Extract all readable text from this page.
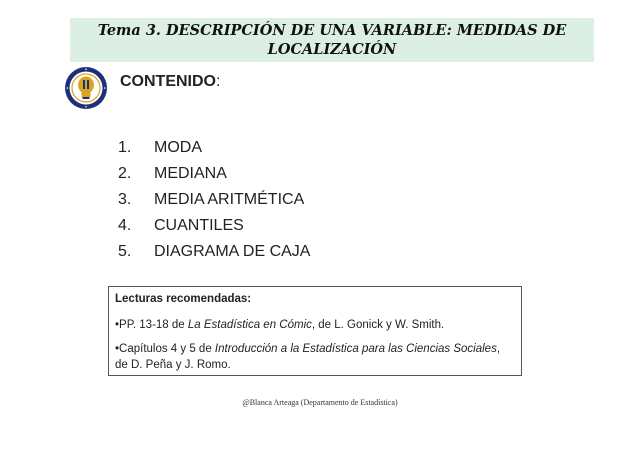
Tema 3. DESCRIPCIÓN DE UNA VARIABLE: MEDIDAS DE
LOCALIZACIÓN
CONTENIDO:
1.	MODA
2.	MEDIANA
3.	MEDIA ARITMÉTICA
4.	CUANTILES
5.	DIAGRAMA DE CAJA
Lecturas recomendadas:
•PP. 13-18 de La Estadística en Cómic, de L. Gonick y W. Smith.
•Capítulos 4 y 5 de Introducción a la Estadística para las Ciencias Sociales, de D. Peña y J. Romo.
@Blanca Arteaga (Departamento de Estadística)
